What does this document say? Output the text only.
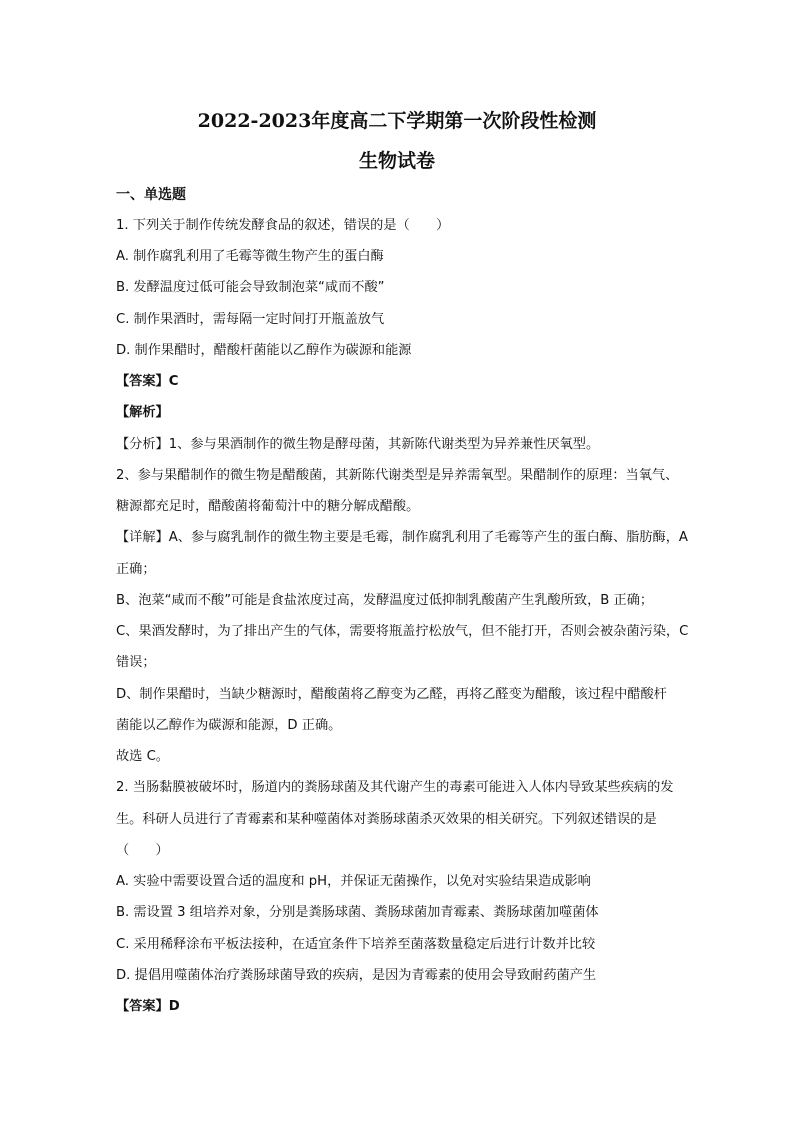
2022-2023年度高二下学期第一次阶段性检测
生物试卷
一、单选题
1. 下列关于制作传统发酵食品的叙述，错误的是（　　）
A. 制作腐乳利用了毛霉等微生物产生的蛋白酶
B. 发酵温度过低可能会导致制泡菜“咸而不酸”
C. 制作果酒时，需每隔一定时间打开瓶盖放气
D. 制作果醋时，醋酸杆菌能以乙醇作为碳源和能源
【答案】C
【解析】
【分析】1、参与果酒制作的微生物是酵母菌，其新陈代谢类型为异养兼性厌氧型。
2、参与果醋制作的微生物是醋酸菌，其新陈代谢类型是异养需氧型。果醋制作的原理：当氧气、
糖源都充足时，醋酸菌将葡萄汁中的糖分解成醋酸。
【详解】A、参与腐乳制作的微生物主要是毛霉，制作腐乳利用了毛霉等产生的蛋白酶、脂肪酶，A
正确；
B、泡菜“咸而不酸”可能是食盐浓度过高，发酵温度过低抑制乳酸菌产生乳酸所致，B 正确；
C、果酒发酵时，为了排出产生的气体，需要将瓶盖拧松放气，但不能打开，否则会被杂菌污染，C
错误；
D、制作果醋时，当缺少糖源时，醋酸菌将乙醇变为乙醛，再将乙醛变为醋酸，该过程中醋酸杆
菌能以乙醇作为碳源和能源，D 正确。
故选 C。
2. 当肠黏膜被破坏时，肠道内的粪肠球菌及其代谢产生的毒素可能进入人体内导致某些疾病的发
生。科研人员进行了青霉素和某种噬菌体对粪肠球菌杀灭效果的相关研究。下列叙述错误的是
（　　）
A. 实验中需要设置合适的温度和 pH，并保证无菌操作，以免对实验结果造成影响
B. 需设置 3 组培养对象，分别是粪肠球菌、粪肠球菌加青霉素、粪肠球菌加噬菌体
C. 采用稀释涂布平板法接种，在适宜条件下培养至菌落数量稳定后进行计数并比较
D. 提倡用噬菌体治疗粪肠球菌导致的疾病，是因为青霉素的使用会导致耐药菌产生
【答案】D
